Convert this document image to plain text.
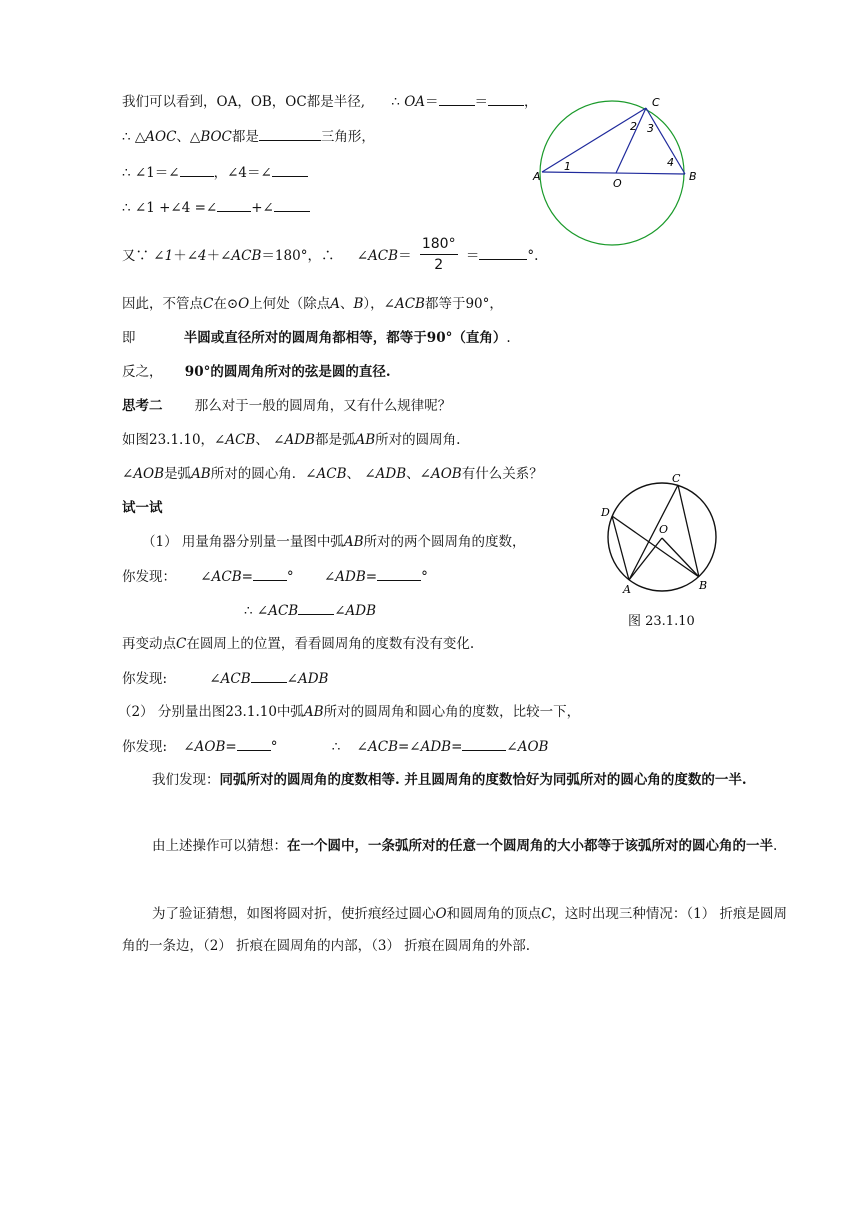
我们可以看到，OA，OB，OC都是半径, ∴ OA＝	＝	，
∴ △AOC、△BOC都是	三角形，
∴ ∠1＝∠	，∠4＝∠
∴ ∠1 +∠4 =∠	+∠
C
A	B
O
1
2 3
4
又∵ ∠1＋∠4＋∠ACB＝180°，∴ ∠ACB＝ $\frac{180^\circ}{2}$ ＝	°.
因此，不管点C在⊙O上何处（除点A、B），∠ACB都等于90°，
即	半圆或直径所对的圆周角都相等，都等于90°（直角）.
反之， 90°的圆周角所对的弦是圆的直径.
思考二 那么对于一般的圆周角，又有什么规律呢？
如图23.1.10，∠ACB、 ∠ADB都是弧AB所对的圆周角.
∠AOB是弧AB所对的圆心角．∠ACB、 ∠ADB、∠AOB有什么关系？
试一试
C
D
O
A	B
图 23.1.10
（1） 用量角器分别量一量图中弧AB所对的两个圆周角的度数，
你发现： ∠ACB=	° ∠ADB=	°
∴ ∠ACB	∠ADB
再变动点C在圆周上的位置，看看圆周角的度数有没有变化.
你发现:	∠ACB	∠ADB
（2） 分别量出图23.1.10中弧AB所对的圆周角和圆心角的度数，比较一下，
你发现: ∠AOB=	°	∴ ∠ACB=∠ADB=	∠AOB
我们发现：同弧所对的圆周角的度数相等. 并且圆周角的度数恰好为同弧所对的圆心角的度数的一半.
由上述操作可以猜想：在一个圆中，一条弧所对的任意一个圆周角的大小都等于该弧所对的圆心角的一半.
为了验证猜想，如图将圆对折，使折痕经过圆心O和圆周角的顶点C，这时出现三种情况：（1） 折痕是圆周角的一条边，（2） 折痕在圆周角的内部，（3） 折痕在圆周角的外部.
